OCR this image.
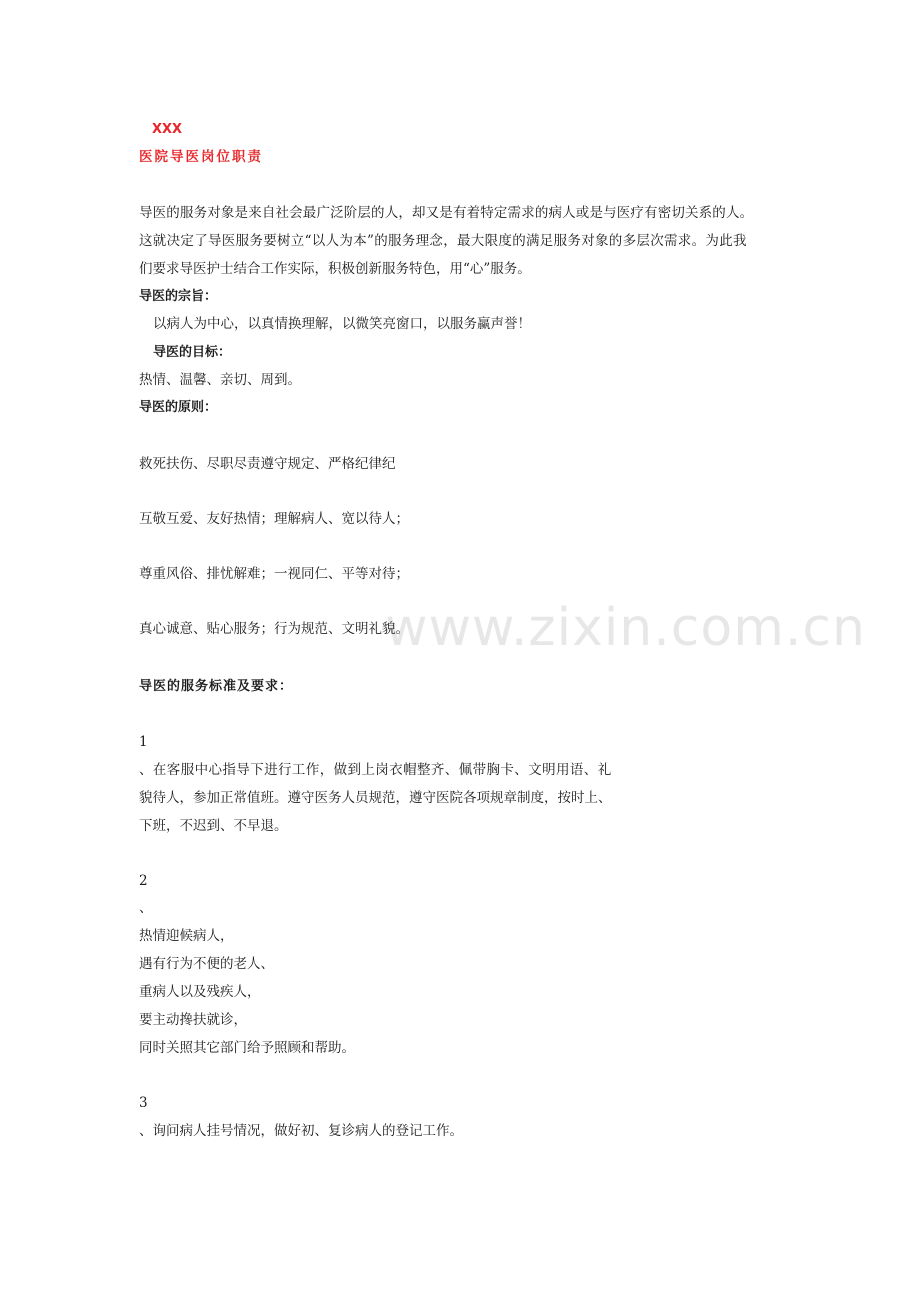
www.zixin.com.cn
XXX
医院导医岗位职责
导医的服务对象是来自社会最广泛阶层的人，却又是有着特定需求的病人或是与医疗有密切关系的人。
这就决定了导医服务要树立“以人为本”的服务理念，最大限度的满足服务对象的多层次需求。为此我
们要求导医护士结合工作实际，积极创新服务特色，用“心”服务。
导医的宗旨：
以病人为中心，以真情换理解，以微笑亮窗口，以服务赢声誉！
导医的目标：
热情、温馨、亲切、周到。
导医的原则：
救死扶伤、尽职尽责遵守规定、严格纪律纪
互敬互爱、友好热情；理解病人、宽以待人；
尊重风俗、排忧解难；一视同仁、平等对待；
真心诚意、贴心服务；行为规范、文明礼貌。
导医的服务标准及要求：
1
、在客服中心指导下进行工作，做到上岗衣帽整齐、佩带胸卡、文明用语、礼
貌待人，参加正常值班。遵守医务人员规范，遵守医院各项规章制度，按时上、
下班，不迟到、不早退。
2
、
热情迎候病人，
遇有行为不便的老人、
重病人以及残疾人，
要主动搀扶就诊，
同时关照其它部门给予照顾和帮助。
3
、询问病人挂号情况，做好初、复诊病人的登记工作。
